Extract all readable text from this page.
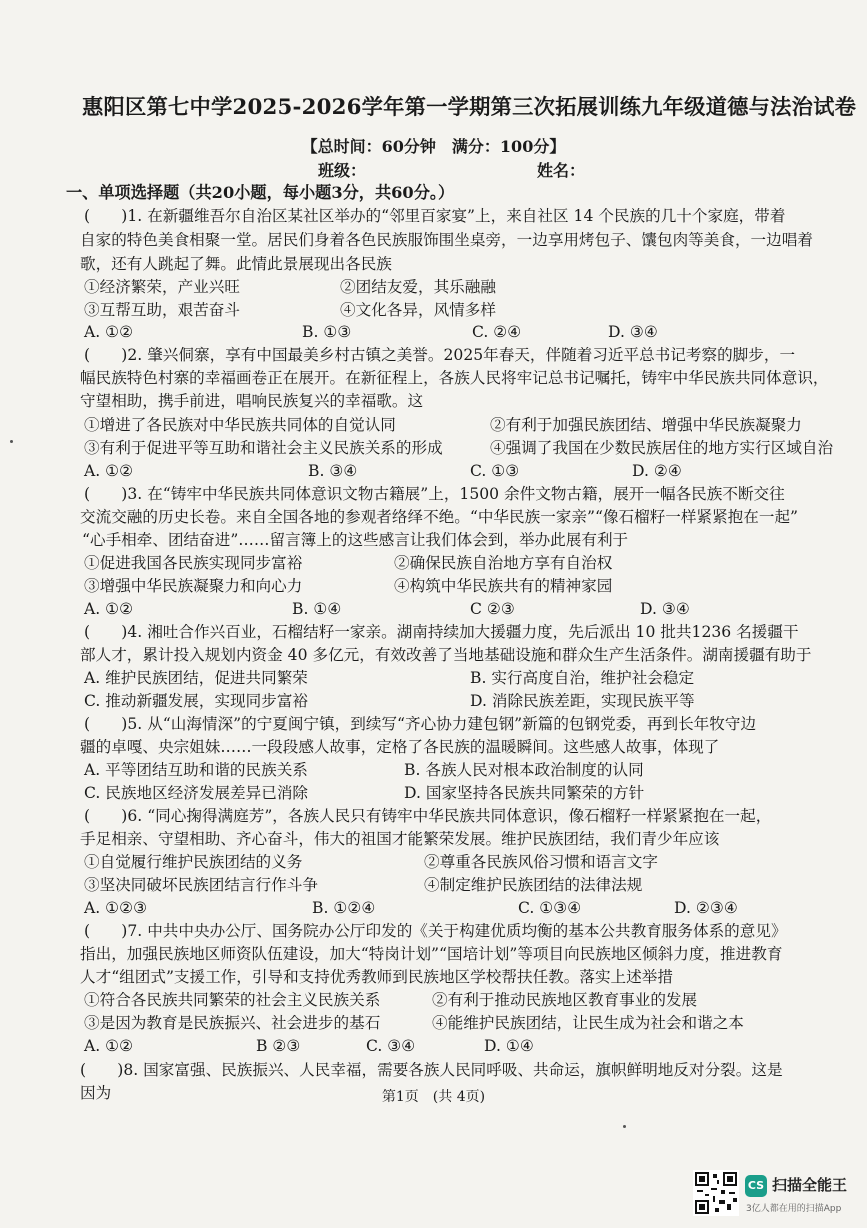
惠阳区第七中学2025-2026学年第一学期第三次拓展训练九年级道德与法治试卷
【总时间：60分钟　满分：100分】
班级：	姓名：
一、单项选择题（共20小题，每小题3分，共60分。）
(　　)1. 在新疆维吾尔自治区某社区举办的“邻里百家宴”上，来自社区 14 个民族的几十个家庭，带着
自家的特色美食相聚一堂。居民们身着各色民族服饰围坐桌旁，一边享用烤包子、馕包肉等美食，一边唱着
歌，还有人跳起了舞。此情此景展现出各民族
①经济繁荣，产业兴旺	②团结友爱，其乐融融
③互帮互助，艰苦奋斗	④文化各异，风情多样
A. ①②	B. ①③	C. ②④	D. ③④
(　　)2. 肇兴侗寨，享有中国最美乡村古镇之美誉。2025年春天，伴随着习近平总书记考察的脚步，一
幅民族特色村寨的幸福画卷正在展开。在新征程上，各族人民将牢记总书记嘱托，铸牢中华民族共同体意识，
守望相助，携手前进，唱响民族复兴的幸福歌。这
①增进了各民族对中华民族共同体的自觉认同	②有利于加强民族团结、增强中华民族凝聚力
③有利于促进平等互助和谐社会主义民族关系的形成	④强调了我国在少数民族居住的地方实行区域自治
A. ①②	B. ③④	C. ①③	D. ②④
(　　)3. 在“铸牢中华民族共同体意识文物古籍展”上，1500 余件文物古籍，展开一幅各民族不断交往
交流交融的历史长卷。来自全国各地的参观者络绎不绝。“中华民族一家亲”“像石榴籽一样紧紧抱在一起”
“心手相牵、团结奋进”……留言簿上的这些感言让我们体会到，举办此展有利于
①促进我国各民族实现同步富裕	②确保民族自治地方享有自治权
③增强中华民族凝聚力和向心力	④构筑中华民族共有的精神家园
A. ①②	B. ①④	C ②③	D. ③④
(　　)4. 湘吐合作兴百业，石榴结籽一家亲。湖南持续加大援疆力度，先后派出 10 批共1236 名援疆干
部人才，累计投入规划内资金 40 多亿元，有效改善了当地基础设施和群众生产生活条件。湖南援疆有助于
A. 维护民族团结，促进共同繁荣	B. 实行高度自治，维护社会稳定
C. 推动新疆发展，实现同步富裕	D. 消除民族差距，实现民族平等
(　　)5. 从“山海情深”的宁夏闽宁镇，到续写“齐心协力建包钢”新篇的包钢党委，再到长年牧守边
疆的卓嘎、央宗姐妹……一段段感人故事，定格了各民族的温暖瞬间。这些感人故事，体现了
A. 平等团结互助和谐的民族关系	B. 各族人民对根本政治制度的认同
C. 民族地区经济发展差异已消除	D. 国家坚持各民族共同繁荣的方针
(　　)6. “同心掬得满庭芳”，各族人民只有铸牢中华民族共同体意识，像石榴籽一样紧紧抱在一起，
手足相亲、守望相助、齐心奋斗，伟大的祖国才能繁荣发展。维护民族团结，我们青少年应该
①自觉履行维护民族团结的义务	②尊重各民族风俗习惯和语言文字
③坚决同破坏民族团结言行作斗争	④制定维护民族团结的法律法规
A. ①②③	B. ①②④	C. ①③④	D. ②③④
(　　)7. 中共中央办公厅、国务院办公厅印发的《关于构建优质均衡的基本公共教育服务体系的意见》
指出，加强民族地区师资队伍建设，加大“特岗计划”“国培计划”等项目向民族地区倾斜力度，推进教育
人才“组团式”支援工作，引导和支持优秀教师到民族地区学校帮扶任教。落实上述举措
①符合各民族共同繁荣的社会主义民族关系	②有利于推动民族地区教育事业的发展
③是因为教育是民族振兴、社会进步的基石	④能维护民族团结，让民生成为社会和谐之本
A. ①②	B ②③	C. ③④	D. ①④
(　　)8. 国家富强、民族振兴、人民幸福，需要各族人民同呼吸、共命运，旗帜鲜明地反对分裂。这是
因为	第1页　(共 4页)
CS 扫描全能王
3亿人都在用的扫描App
